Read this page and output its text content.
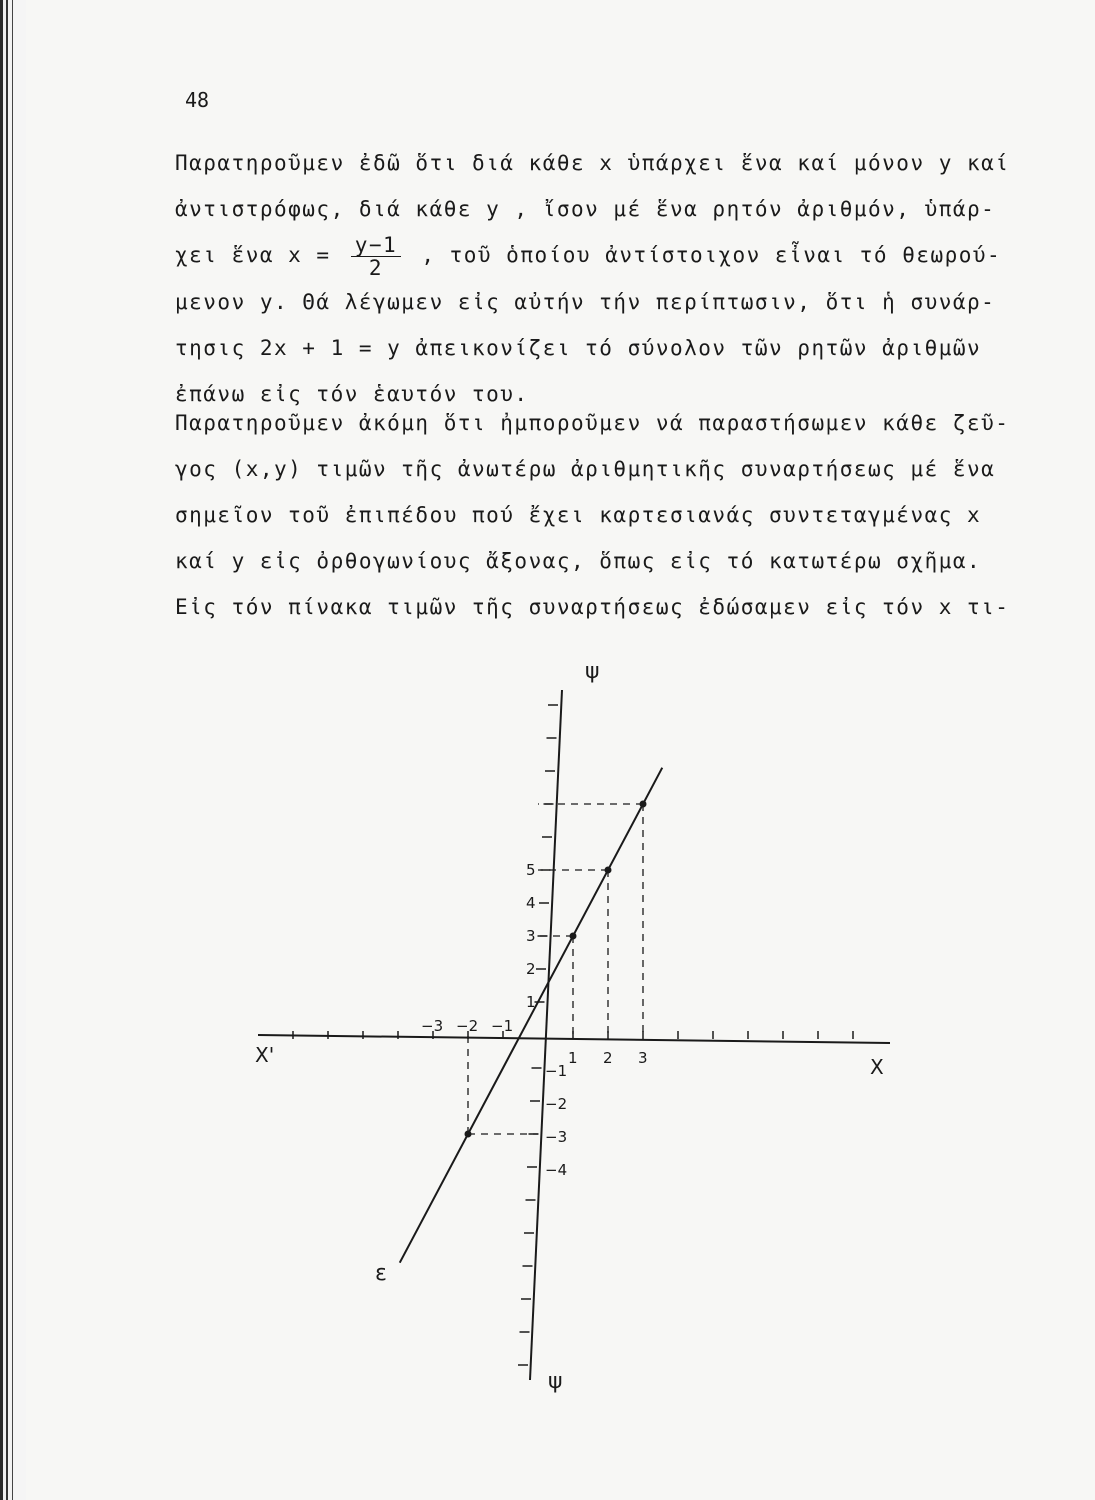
48
Παρατηροῦμεν ἐδῶ ὅτι διά κάθε x ὑπάρχει ἕνα καί μόνον y καί
ἀντιστρόφως, διά κάθε y , ἴσον μέ ἕνα ρητόν ἀριθμόν, ὑπάρ-
χει ἕνα $x = \frac{y-1}{2}$ , τοῦ ὁποίου ἀντίστοιχον εἶναι τό θεωρού-
μενον y. Θά λέγωμεν εἰς αὐτήν τήν περίπτωσιν, ὅτι ἡ συνάρ-
τησις 2x + 1 = y ἀπεικονίζει τό σύνολον τῶν ρητῶν ἀριθμῶν
ἐπάνω εἰς τόν ἑαυτόν του.
Παρατηροῦμεν ἀκόμη ὅτι ἠμποροῦμεν νά παραστήσωμεν κάθε ζεῦ-
γος (x,y) τιμῶν τῆς ἀνωτέρω ἀριθμητικῆς συναρτήσεως μέ ἕνα
σημεῖον τοῦ ἐπιπέδου πού ἔχει καρτεσιανάς συντεταγμένας x
καί y εἰς ὀρθογωνίους ἄξονας, ὅπως εἰς τό κατωτέρω σχῆμα.
Εἰς τόν πίνακα τιμῶν τῆς συναρτήσεως ἐδώσαμεν εἰς τόν x τι-
1 2 3
−3 −2 −1
1
2
3
4
5
−1
−2
−3
−4
X
X'
ψ
ψ
ε
